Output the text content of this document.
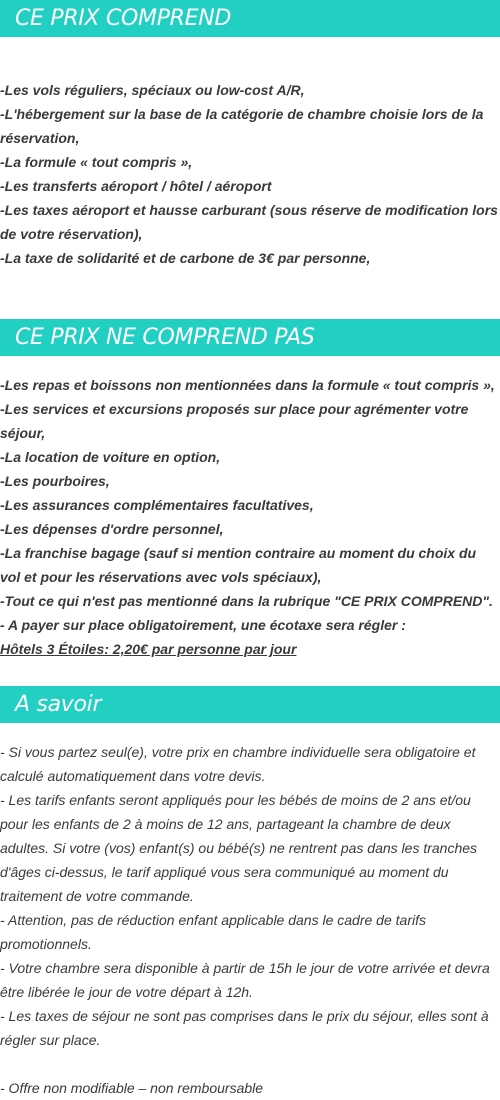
CE PRIX COMPREND
-Les vols réguliers, spéciaux ou low-cost A/R,
-L'hébergement sur la base de la catégorie de chambre choisie lors de la réservation,
-La formule « tout compris »,
-Les transferts aéroport / hôtel / aéroport
-Les taxes aéroport et hausse carburant (sous réserve de modification lors de votre réservation),
-La taxe de solidarité et de carbone de 3€ par personne,
CE PRIX NE COMPREND PAS
-Les repas et boissons non mentionnées dans la formule « tout compris »,
-Les services et excursions proposés sur place pour agrémenter votre séjour,
-La location de voiture en option,
-Les pourboires,
-Les assurances complémentaires facultatives,
-Les dépenses d'ordre personnel,
-La franchise bagage (sauf si mention contraire au moment du choix du vol et pour les réservations avec vols spéciaux),
-Tout ce qui n'est pas mentionné dans la rubrique "CE PRIX COMPREND".
- A payer sur place obligatoirement, une écotaxe sera régler :
Hôtels 3 Étoiles: 2,20€ par personne par jour
A savoir
- Si vous partez seul(e), votre prix en chambre individuelle sera obligatoire et calculé automatiquement dans votre devis.
- Les tarifs enfants seront appliqués pour les bébés de moins de 2 ans et/ou pour les enfants de 2 à moins de 12 ans, partageant la chambre de deux adultes. Si votre (vos) enfant(s) ou bébé(s) ne rentrent pas dans les tranches d'âges ci-dessus, le tarif appliqué vous sera communiqué au moment du traitement de votre commande.
- Attention, pas de réduction enfant applicable dans le cadre de tarifs promotionnels.
- Votre chambre sera disponible à partir de 15h le jour de votre arrivée et devra être libérée le jour de votre départ à 12h.
- Les taxes de séjour ne sont pas comprises dans le prix du séjour, elles sont à régler sur place.
- Offre non modifiable – non remboursable
